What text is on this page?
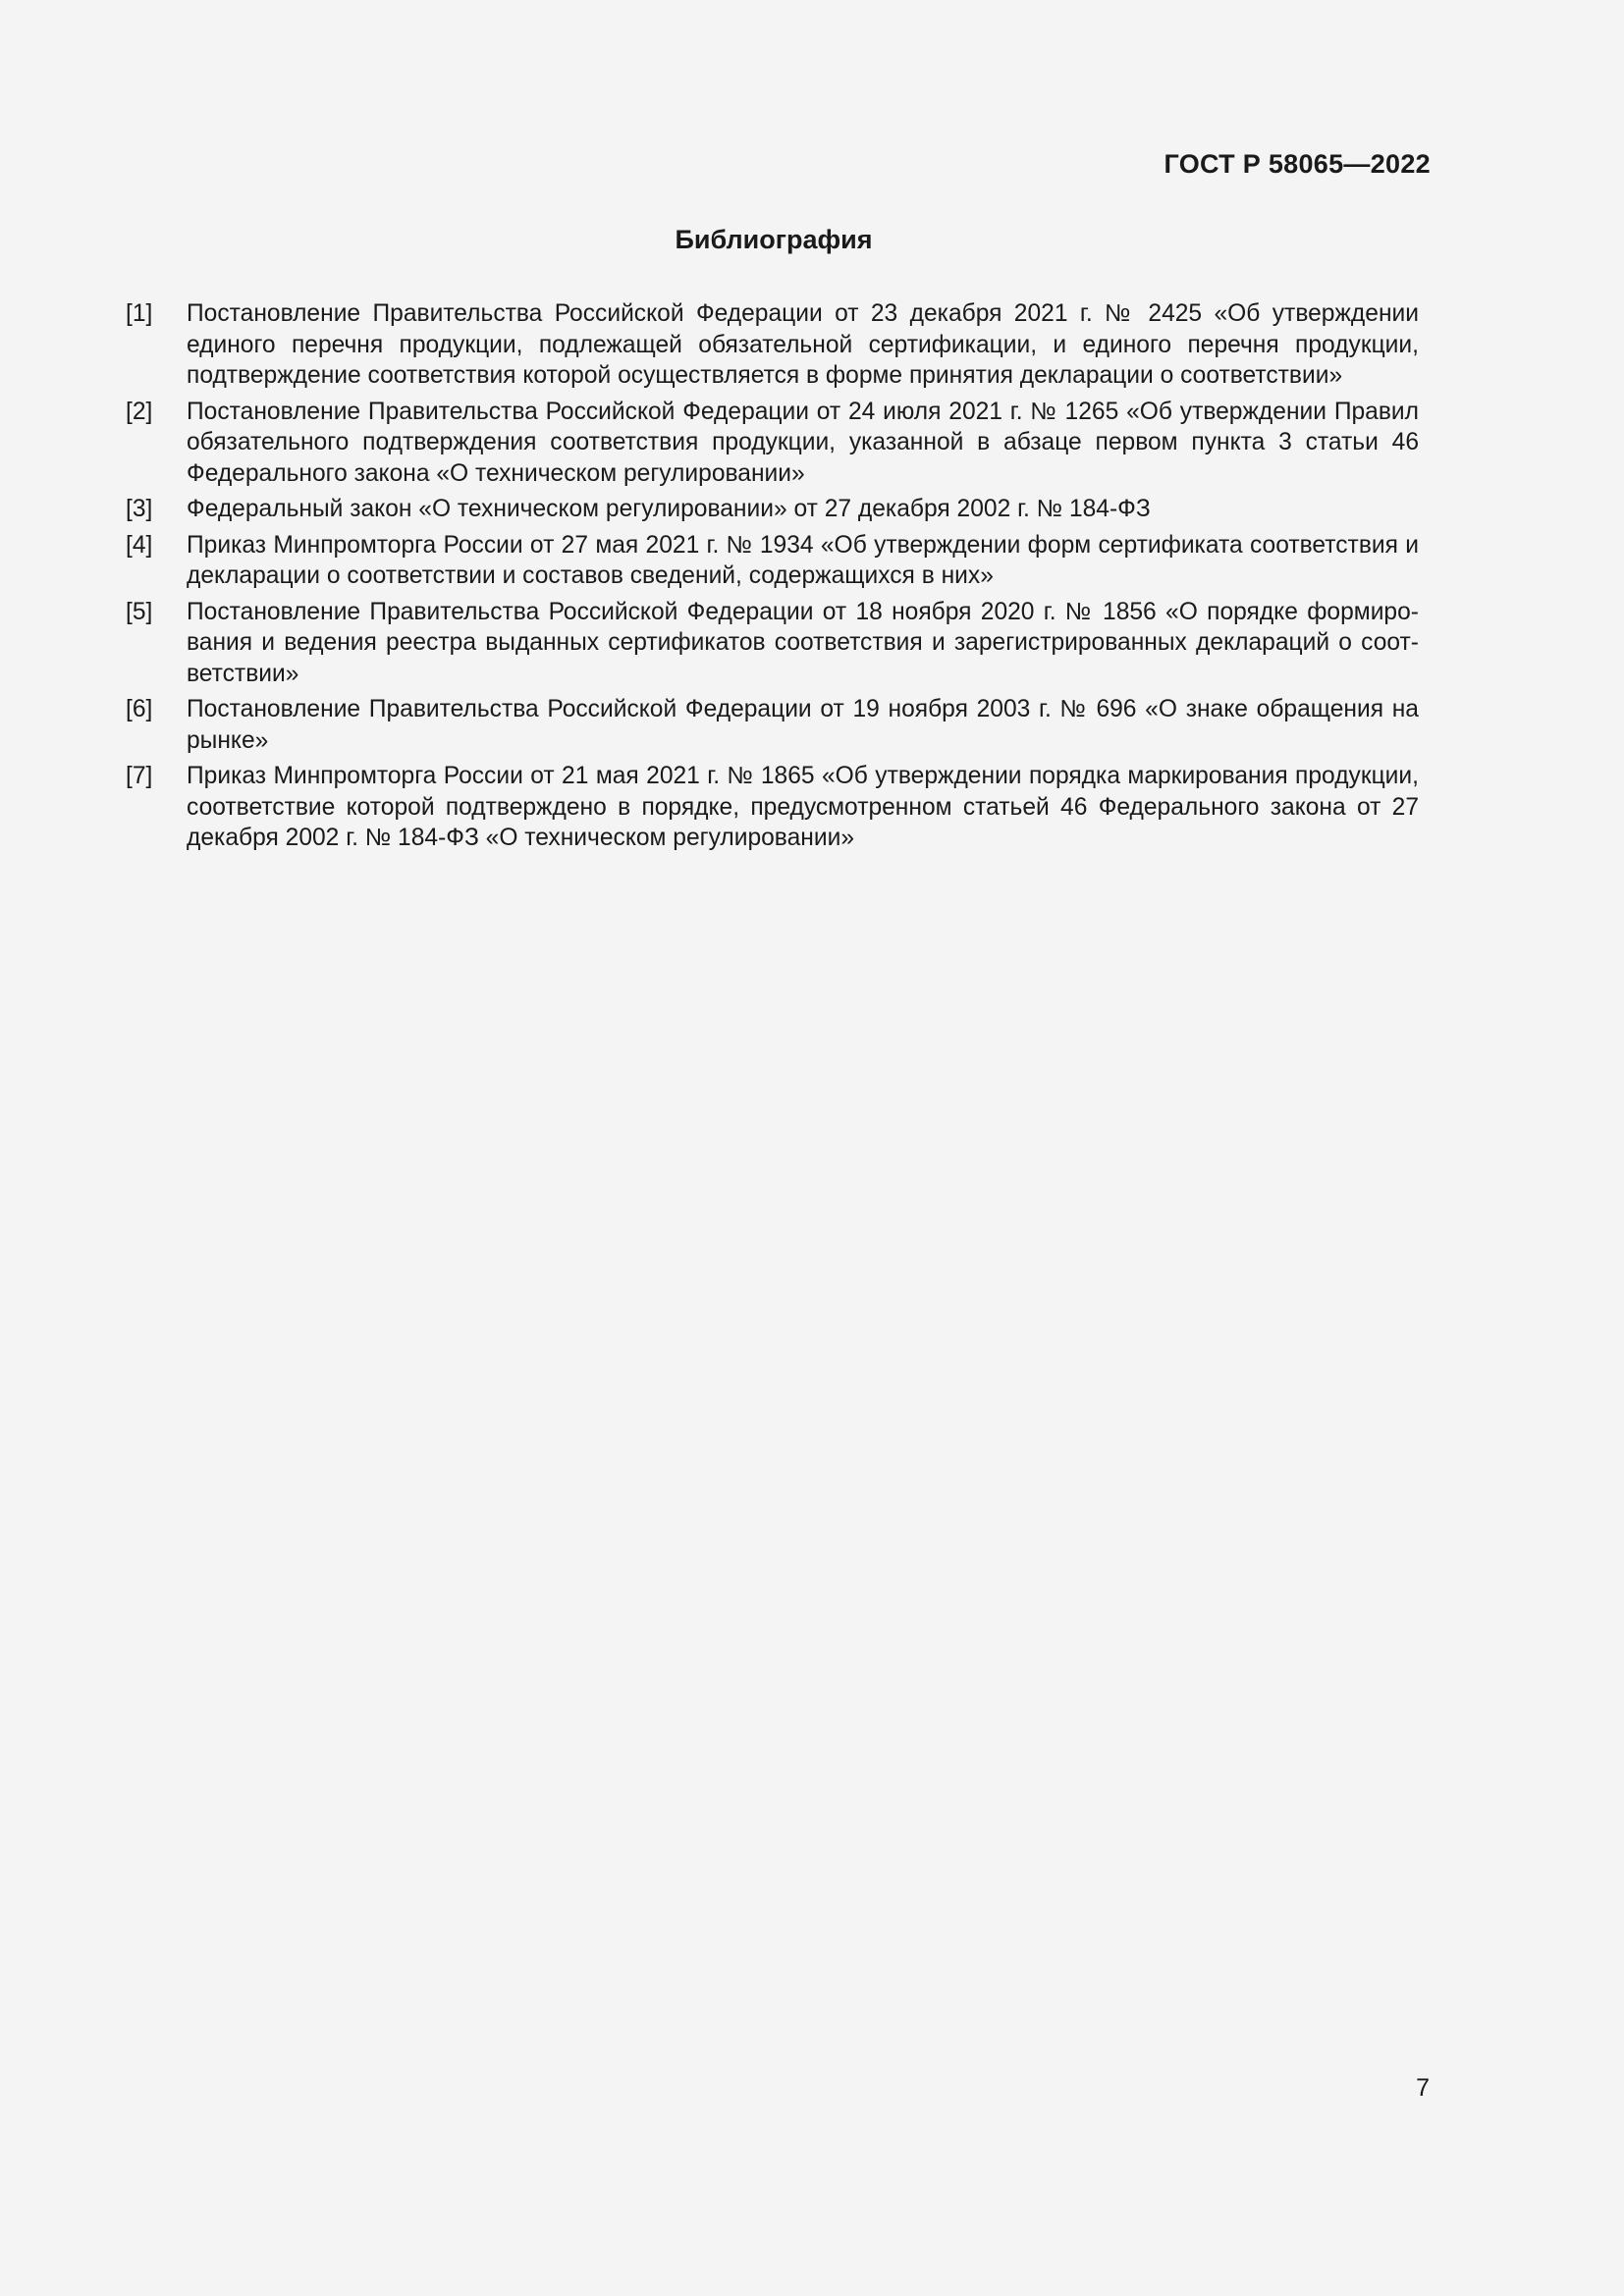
ГОСТ Р 58065—2022
Библиография
[1] Постановление Правительства Российской Федерации от 23 декабря 2021 г. № 2425 «Об утверждении единого перечня продукции, подлежащей обязательной сертификации, и единого перечня продукции, подтверждение соответствия которой осуществляется в форме принятия декларации о соответствии»
[2] Постановление Правительства Российской Федерации от 24 июля 2021 г. № 1265 «Об утверждении Правил обязательного подтверждения соответствия продукции, указанной в абзаце первом пункта 3 статьи 46 Федерального закона «О техническом регулировании»
[3] Федеральный закон «О техническом регулировании» от 27 декабря 2002 г. № 184-ФЗ
[4] Приказ Минпромторга России от 27 мая 2021 г. № 1934 «Об утверждении форм сертификата соответствия и декларации о соответствии и составов сведений, содержащихся в них»
[5] Постановление Правительства Российской Федерации от 18 ноября 2020 г. № 1856 «О порядке формирования и ведения реестра выданных сертификатов соответствия и зарегистрированных деклараций о соответствии»
[6] Постановление Правительства Российской Федерации от 19 ноября 2003 г. № 696 «О знаке обращения на рынке»
[7] Приказ Минпромторга России от 21 мая 2021 г. № 1865 «Об утверждении порядка маркирования продукции, соответствие которой подтверждено в порядке, предусмотренном статьей 46 Федерального закона от 27 декабря 2002 г. № 184-ФЗ «О техническом регулировании»
7
